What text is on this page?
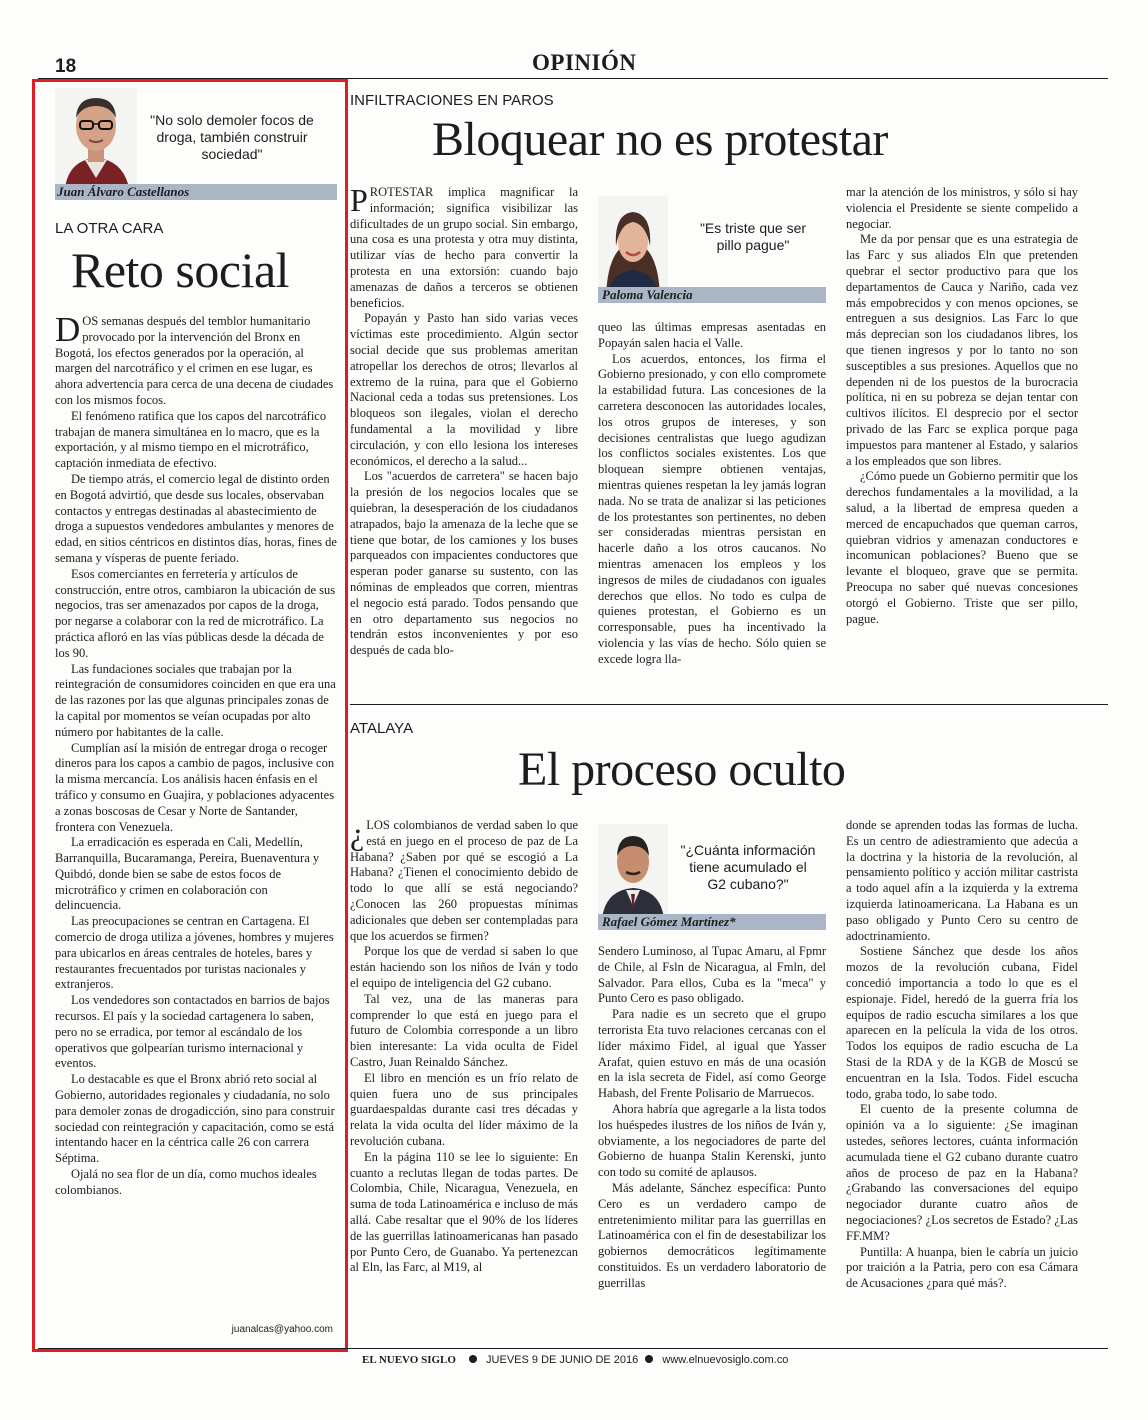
18	OPINIÓN
"No solo demoler focos de droga, también construir sociedad"
Juan Álvaro Castellanos
LA OTRA CARA
Reto social

DOS semanas después del temblor humanitario provocado por la intervención del Bronx en Bogotá, los efectos generados por la operación, al margen del narcotráfico y el crimen en ese lugar, es ahora advertencia para cerca de una decena de ciudades con los mismos focos.

El fenómeno ratifica que los capos del narcotráfico trabajan de manera simultánea en lo macro, que es la exportación, y al mismo tiempo en el microtráfico, captación inmediata de efectivo.

De tiempo atrás, el comercio legal de distinto orden en Bogotá advirtió, que desde sus locales, observaban contactos y entregas destinadas al abastecimiento de droga a supuestos vendedores ambulantes y menores de edad, en sitios céntricos en distintos días, horas, fines de semana y vísperas de puente feriado.

Esos comerciantes en ferretería y artículos de construcción, entre otros, cambiaron la ubicación de sus negocios, tras ser amenazados por capos de la droga, por negarse a colaborar con la red de microtráfico. La práctica afloró en las vías públicas desde la década de los 90.

Las fundaciones sociales que trabajan por la reintegración de consumidores coinciden en que era una de las razones por las que algunas principales zonas de la capital por momentos se veían ocupadas por alto número por habitantes de la calle.

Cumplían así la misión de entregar droga o recoger dineros para los capos a cambio de pagos, inclusive con la misma mercancía. Los análisis hacen énfasis en el tráfico y consumo en Guajira, y poblaciones adyacentes a zonas boscosas de Cesar y Norte de Santander, frontera con Venezuela.

La erradicación es esperada en Cali, Medellín, Barranquilla, Bucaramanga, Pereira, Buenaventura y Quibdó, donde bien se sabe de estos focos de microtráfico y crimen en colaboración con delincuencia.

Las preocupaciones se centran en Cartagena. El comercio de droga utiliza a jóvenes, hombres y mujeres para ubicarlos en áreas centrales de hoteles, bares y restaurantes frecuentados por turistas nacionales y extranjeros.

Los vendedores son contactados en barrios de bajos recursos. El país y la sociedad cartagenera lo saben, pero no se erradica, por temor al escándalo de los operativos que golpearían turismo internacional y eventos.

Lo destacable es que el Bronx abrió reto social al Gobierno, autoridades regionales y ciudadanía, no solo para demoler zonas de drogadicción, sino para construir sociedad con reintegración y capacitación, como se está intentando hacer en la céntrica calle 26 con carrera Séptima.

Ojalá no sea flor de un día, como muchos ideales colombianos.

juanalcas@yahoo.com
INFILTRACIONES EN PAROS
Bloquear no es protestar

PROTESTAR implica magnificar la información; significa visibilizar las dificultades de un grupo social. Sin embargo, una cosa es una protesta y otra muy distinta, utilizar vías de hecho para convertir la protesta en una extorsión: cuando bajo amenazas de daños a terceros se obtienen beneficios.

Popayán y Pasto han sido varias veces víctimas este procedimiento. Algún sector social decide que sus problemas ameritan atropellar los derechos de otros; llevarlos al extremo de la ruina, para que el Gobierno Nacional ceda a todas sus pretensiones. Los bloqueos son ilegales, violan el derecho fundamental a la movilidad y libre circulación, y con ello lesiona los intereses económicos, el derecho a la salud...

Los "acuerdos de carretera" se hacen bajo la presión de los negocios locales que se quiebran, la desesperación de los ciudadanos atrapados, bajo la amenaza de la leche que se tiene que botar, de los camiones y los buses parqueados con impacientes conductores que esperan poder ganarse su sustento, con las nóminas de empleados que corren, mientras el negocio está parado. Todos pensando que en otro departamento sus negocios no tendrán estos inconvenientes y por eso después de cada blo-

"Es triste que ser pillo pague"
Paloma Valencia

queo las últimas empresas asentadas en Popayán salen hacia el Valle.

Los acuerdos, entonces, los firma el Gobierno presionado, y con ello compromete la estabilidad futura. Las concesiones de la carretera desconocen las autoridades locales, los otros grupos de intereses, y son decisiones centralistas que luego agudizan los conflictos sociales existentes. Los que bloquean siempre obtienen ventajas, mientras quienes respetan la ley jamás logran nada. No se trata de analizar si las peticiones de los protestantes son pertinentes, no deben ser consideradas mientras persistan en hacerle daño a los otros caucanos. No mientras amenacen los empleos y los ingresos de miles de ciudadanos con iguales derechos que ellos. No todo es culpa de quienes protestan, el Gobierno es un corresponsable, pues ha incentivado la violencia y las vías de hecho. Sólo quien se excede logra lla-

mar la atención de los ministros, y sólo si hay violencia el Presidente se siente compelido a negociar.

Me da por pensar que es una estrategia de las Farc y sus aliados Eln que pretenden quebrar el sector productivo para que los departamentos de Cauca y Nariño, cada vez más empobrecidos y con menos opciones, se entreguen a sus designios. Las Farc lo que más deprecian son los ciudadanos libres, los que tienen ingresos y por lo tanto no son susceptibles a sus presiones. Aquellos que no dependen ni de los puestos de la burocracia política, ni en su pobreza se dejan tentar con cultivos ilícitos. El desprecio por el sector privado de las Farc se explica porque paga impuestos para mantener al Estado, y salarios a los empleados que son libres.

¿Cómo puede un Gobierno permitir que los derechos fundamentales a la movilidad, a la salud, a la libertad de empresa queden a merced de encapuchados que queman carros, quiebran vidrios y amenazan conductores e incomunican poblaciones? Bueno que se levante el bloqueo, grave que se permita. Preocupa no saber qué nuevas concesiones otorgó el Gobierno. Triste que ser pillo, pague.

ATALAYA
El proceso oculto

¿ LOS colombianos de verdad saben lo que está en juego en el proceso de paz de La Habana? ¿Saben por qué se escogió a La Habana? ¿Tienen el conocimiento debido de todo lo que allí se está negociando? ¿Conocen las 260 propuestas mínimas adicionales que deben ser contempladas para que los acuerdos se firmen?

Porque los que de verdad si saben lo que están haciendo son los niños de Iván y todo el equipo de inteligencia del G2 cubano.

Tal vez, una de las maneras para comprender lo que está en juego para el futuro de Colombia corresponde a un libro bien interesante: La vida oculta de Fidel Castro, Juan Reinaldo Sánchez.

El libro en mención es un frío relato de quien fuera uno de sus principales guardaespaldas durante casi tres décadas y relata la vida oculta del líder máximo de la revolución cubana.

En la página 110 se lee lo siguiente: En cuanto a reclutas llegan de todas partes. De Colombia, Chile, Nicaragua, Venezuela, en suma de toda Latinoamérica e incluso de más allá. Cabe resaltar que el 90% de los líderes de las guerrillas latinoamericanas han pasado por Punto Cero, de Guanabo. Ya pertenezcan al Eln, las Farc, al M19, al

"¿Cuánta información tiene acumulado el G2 cubano?"
Rafael Gómez Martínez*

Sendero Luminoso, al Tupac Amaru, al Fpmr de Chile, al Fsln de Nicaragua, al Fmln, del Salvador. Para ellos, Cuba es la "meca" y Punto Cero es paso obligado.

Para nadie es un secreto que el grupo terrorista Eta tuvo relaciones cercanas con el líder máximo Fidel, al igual que Yasser Arafat, quien estuvo en más de una ocasión en la isla secreta de Fidel, así como George Habash, del Frente Polisario de Marruecos.

Ahora habría que agregarle a la lista todos los huéspedes ilustres de los niños de Iván y, obviamente, a los negociadores de parte del Gobierno de huanpa Stalin Kerenski, junto con todo su comité de aplausos.

Más adelante, Sánchez específica: Punto Cero es un verdadero campo de entretenimiento militar para las guerrillas en Latinoamérica con el fin de desestabilizar los gobiernos democráticos legítimamente constituidos. Es un verdadero laboratorio de guerrillas

donde se aprenden todas las formas de lucha. Es un centro de adiestramiento que adecúa a la doctrina y la historia de la revolución, al pensamiento político y acción militar castrista a todo aquel afín a la izquierda y la extrema izquierda latinoamericana. La Habana es un paso obligado y Punto Cero su centro de adoctrinamiento.

Sostiene Sánchez que desde los años mozos de la revolución cubana, Fidel concedió importancia a todo lo que es el espionaje. Fidel, heredó de la guerra fría los equipos de radio escucha similares a los que aparecen en la película la vida de los otros. Todos los equipos de radio escucha de La Stasi de la RDA y de la KGB de Moscú se encuentran en la Isla. Todos. Fidel escucha todo, graba todo, lo sabe todo.

El cuento de la presente columna de opinión va a lo siguiente: ¿Se imaginan ustedes, señores lectores, cuánta información acumulada tiene el G2 cubano durante cuatro años de proceso de paz en la Habana? ¿Grabando las conversaciones del equipo negociador durante cuatro años de negociaciones? ¿Los secretos de Estado? ¿Las FF.MM?

Puntilla: A huanpa, bien le cabría un juicio por traición a la Patria, pero con esa Cámara de Acusaciones ¿para qué más?.

EL NUEVO SIGLO	JUEVES 9 DE JUNIO DE 2016 www.elnuevosiglo.com.co
